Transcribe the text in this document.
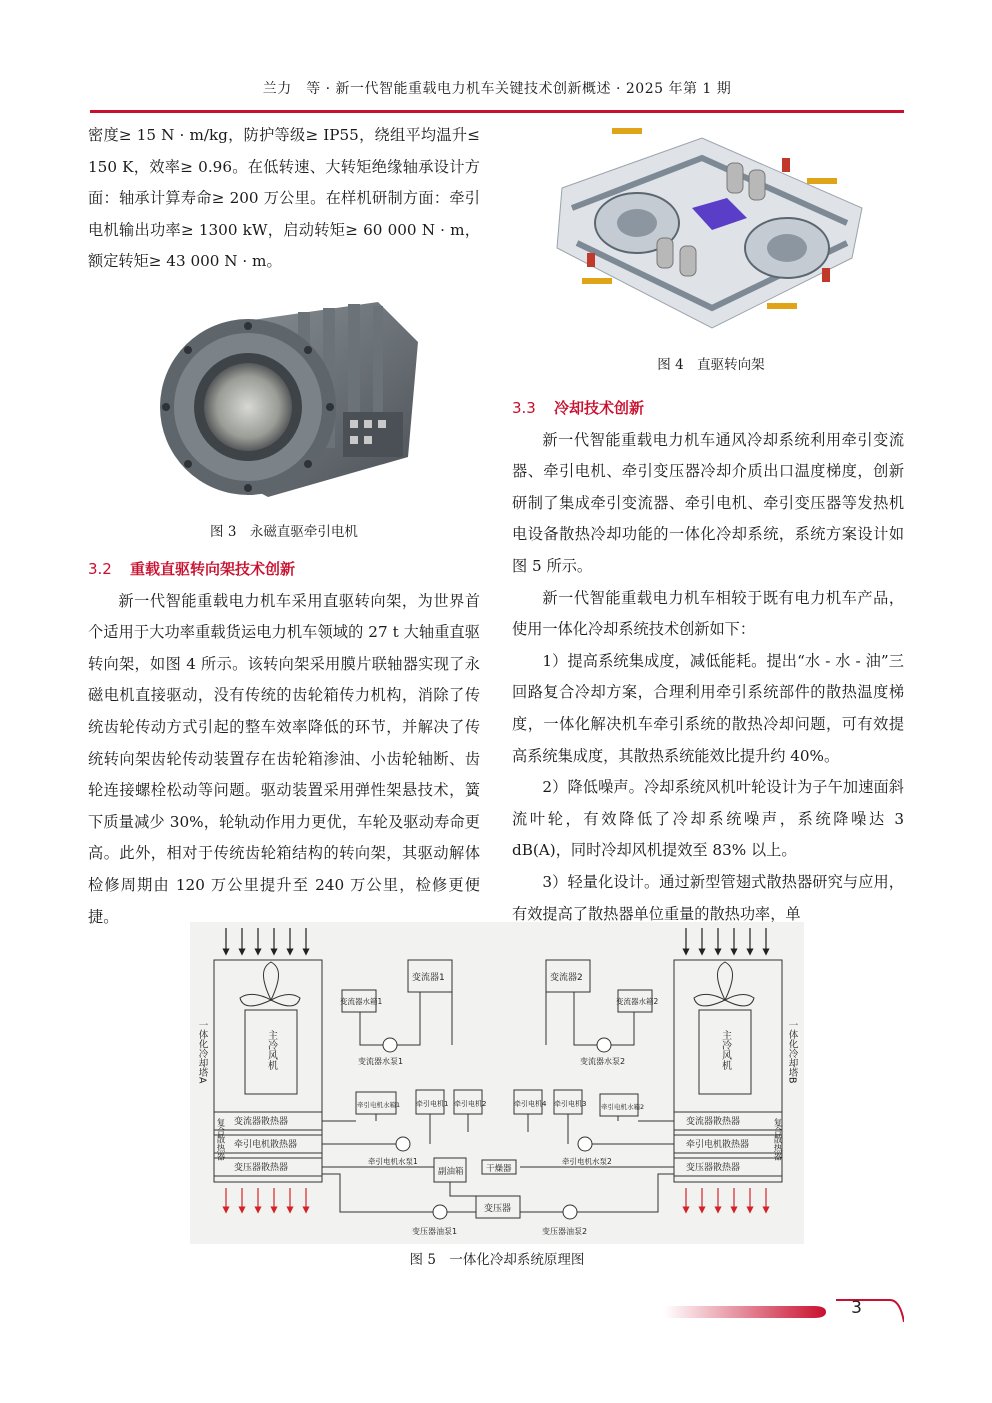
兰力　等 · 新一代智能重载电力机车关键技术创新概述 · 2025 年第 1 期

密度≥ 15 N · m/kg，防护等级≥ IP55，绕组平均温升≤ 150 K，效率≥ 0.96。在低转速、大转矩绝缘轴承设计方面：轴承计算寿命≥ 200 万公里。在样机研制方面：牵引电机输出功率≥ 1300 kW，启动转矩≥ 60 000 N · m，额定转矩≥ 43 000 N · m。

图 3　永磁直驱牵引电机
3.2 重载直驱转向架技术创新

新一代智能重载电力机车采用直驱转向架，为世界首个适用于大功率重载货运电力机车领域的 27 t 大轴重直驱转向架，如图 4 所示。该转向架采用膜片联轴器实现了永磁电机直接驱动，没有传统的齿轮箱传力机构，消除了传统齿轮传动方式引起的整车效率降低的环节，并解决了传统转向架齿轮传动装置存在齿轮箱渗油、小齿轮轴断、齿轮连接螺栓松动等问题。驱动装置采用弹性架悬技术，簧下质量减少 30%，轮轨动作用力更优，车轮及驱动寿命更高。此外，相对于传统齿轮箱结构的转向架，其驱动解体检修周期由 120 万公里提升至 240 万公里，检修更便捷。

图 4　直驱转向架
3.3 冷却技术创新

新一代智能重载电力机车通风冷却系统利用牵引变流器、牵引电机、牵引变压器冷却介质出口温度梯度，创新研制了集成牵引变流器、牵引电机、牵引变压器等发热机电设备散热冷却功能的一体化冷却系统，系统方案设计如图 5 所示。

新一代智能重载电力机车相较于既有电力机车产品，使用一体化冷却系统技术创新如下：

1）提高系统集成度，减低能耗。提出“水 - 水 - 油”三回路复合冷却方案，合理利用牵引系统部件的散热温度梯度，一体化解决机车牵引系统的散热冷却问题，可有效提高系统集成度，其散热系统能效比提升约 40%。

2）降低噪声。冷却系统风机叶轮设计为子午加速面斜流叶轮，有效降低了冷却系统噪声，系统降噪达 3 dB(A)，同时冷却风机提效至 83% 以上。

3）轻量化设计。通过新型管翅式散热器研究与应用，有效提高了散热器单位重量的散热功率，单

一体化冷却塔A	一体化冷却塔B
主冷风机	主冷风机
复合散热器	复合散热器
变流器散热器
牵引电机散热器
变压器散热器
变流器散热器
牵引电机散热器
变压器散热器
变流器1	变流器2
变流器水箱1	变流器水箱2
变流器水泵1	变流器水泵2
牵引电机1 牵引电机2	牵引电机3
牵引电机4
牵引电机水箱1	牵引电机水箱2
牵引电机水泵1	牵引电机水泵2
副油箱	干燥器
变压器
变压器油泵1	变压器油泵2
图 5　一体化冷却系统原理图
3
